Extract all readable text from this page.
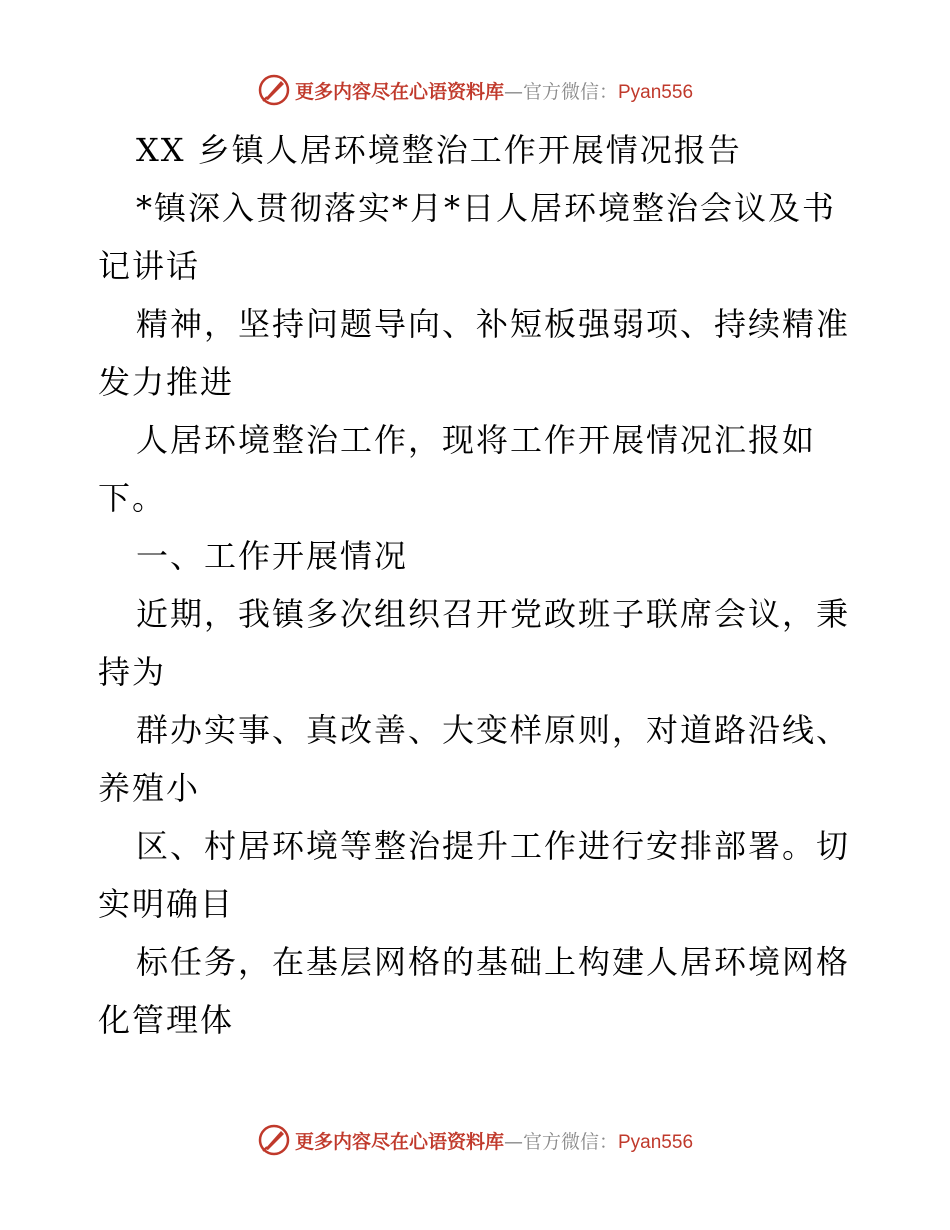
更多内容尽在心语资料库—官方微信：Pyan556
XX 乡镇人居环境整治工作开展情况报告
*镇深入贯彻落实*月*日人居环境整治会议及书
记讲话
精神，坚持问题导向、补短板强弱项、持续精准
发力推进
人居环境整治工作，现将工作开展情况汇报如
下。
一、工作开展情况
近期，我镇多次组织召开党政班子联席会议，秉
持为
群办实事、真改善、大变样原则，对道路沿线、
养殖小
区、村居环境等整治提升工作进行安排部署。切
实明确目
标任务，在基层网格的基础上构建人居环境网格
化管理体
更多内容尽在心语资料库—官方微信：Pyan556
